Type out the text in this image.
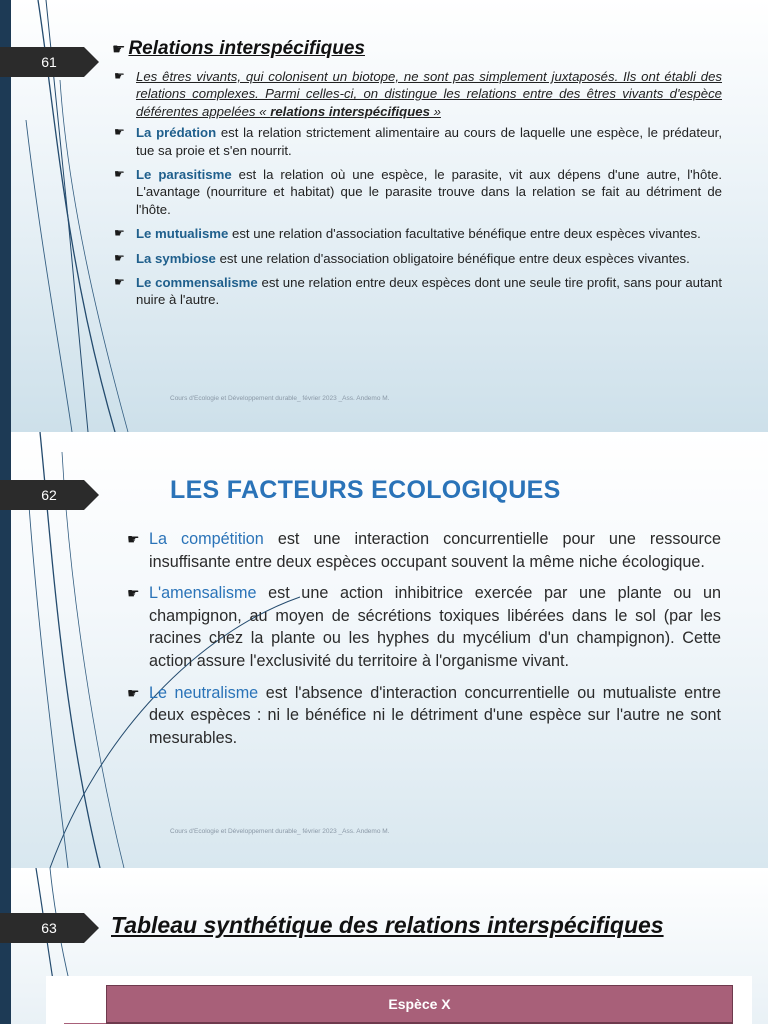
61
☛ Relations interspécifiques
☛ Les êtres vivants, qui colonisent un biotope, ne sont pas simplement juxtaposés. Ils ont établi des relations complexes. Parmi celles-ci, on distingue les relations entre des êtres vivants d'espèce déférentes appelées « relations interspécifiques »
☛ La prédation est la relation strictement alimentaire au cours de laquelle une espèce, le prédateur, tue sa proie et s'en nourrit.
☛ Le parasitisme est la relation où une espèce, le parasite, vit aux dépens d'une autre, l'hôte. L'avantage (nourriture et habitat) que le parasite trouve dans la relation se fait au détriment de l'hôte.
☛ Le mutualisme est une relation d'association facultative bénéfique entre deux espèces vivantes.
☛ La symbiose est une relation d'association obligatoire bénéfique entre deux espèces vivantes.
☛ Le commensalisme est une relation entre deux espèces dont une seule tire profit, sans pour autant nuire à l'autre.
Cours d'Ecologie et Développement durable_ février 2023 _Ass. Andemo M.
62	LES FACTEURS ECOLOGIQUES
☛ La compétition est une interaction concurrentielle pour une ressource insuffisante entre deux espèces occupant souvent la même niche écologique.
☛ L'amensalisme est une action inhibitrice exercée par une plante ou un champignon, au moyen de sécrétions toxiques libérées dans le sol (par les racines chez la plante ou les hyphes du mycélium d'un champignon). Cette action assure l'exclusivité du territoire à l'organisme vivant.
☛ Le neutralisme est l'absence d'interaction concurrentielle ou mutualiste entre deux espèces : ni le bénéfice ni le détriment d'une espèce sur l'autre ne sont mesurables.
Cours d'Ecologie et Développement durable_ février 2023 _Ass. Andemo M.
63	Tableau synthétique des relations interspécifiques
Espèce X
